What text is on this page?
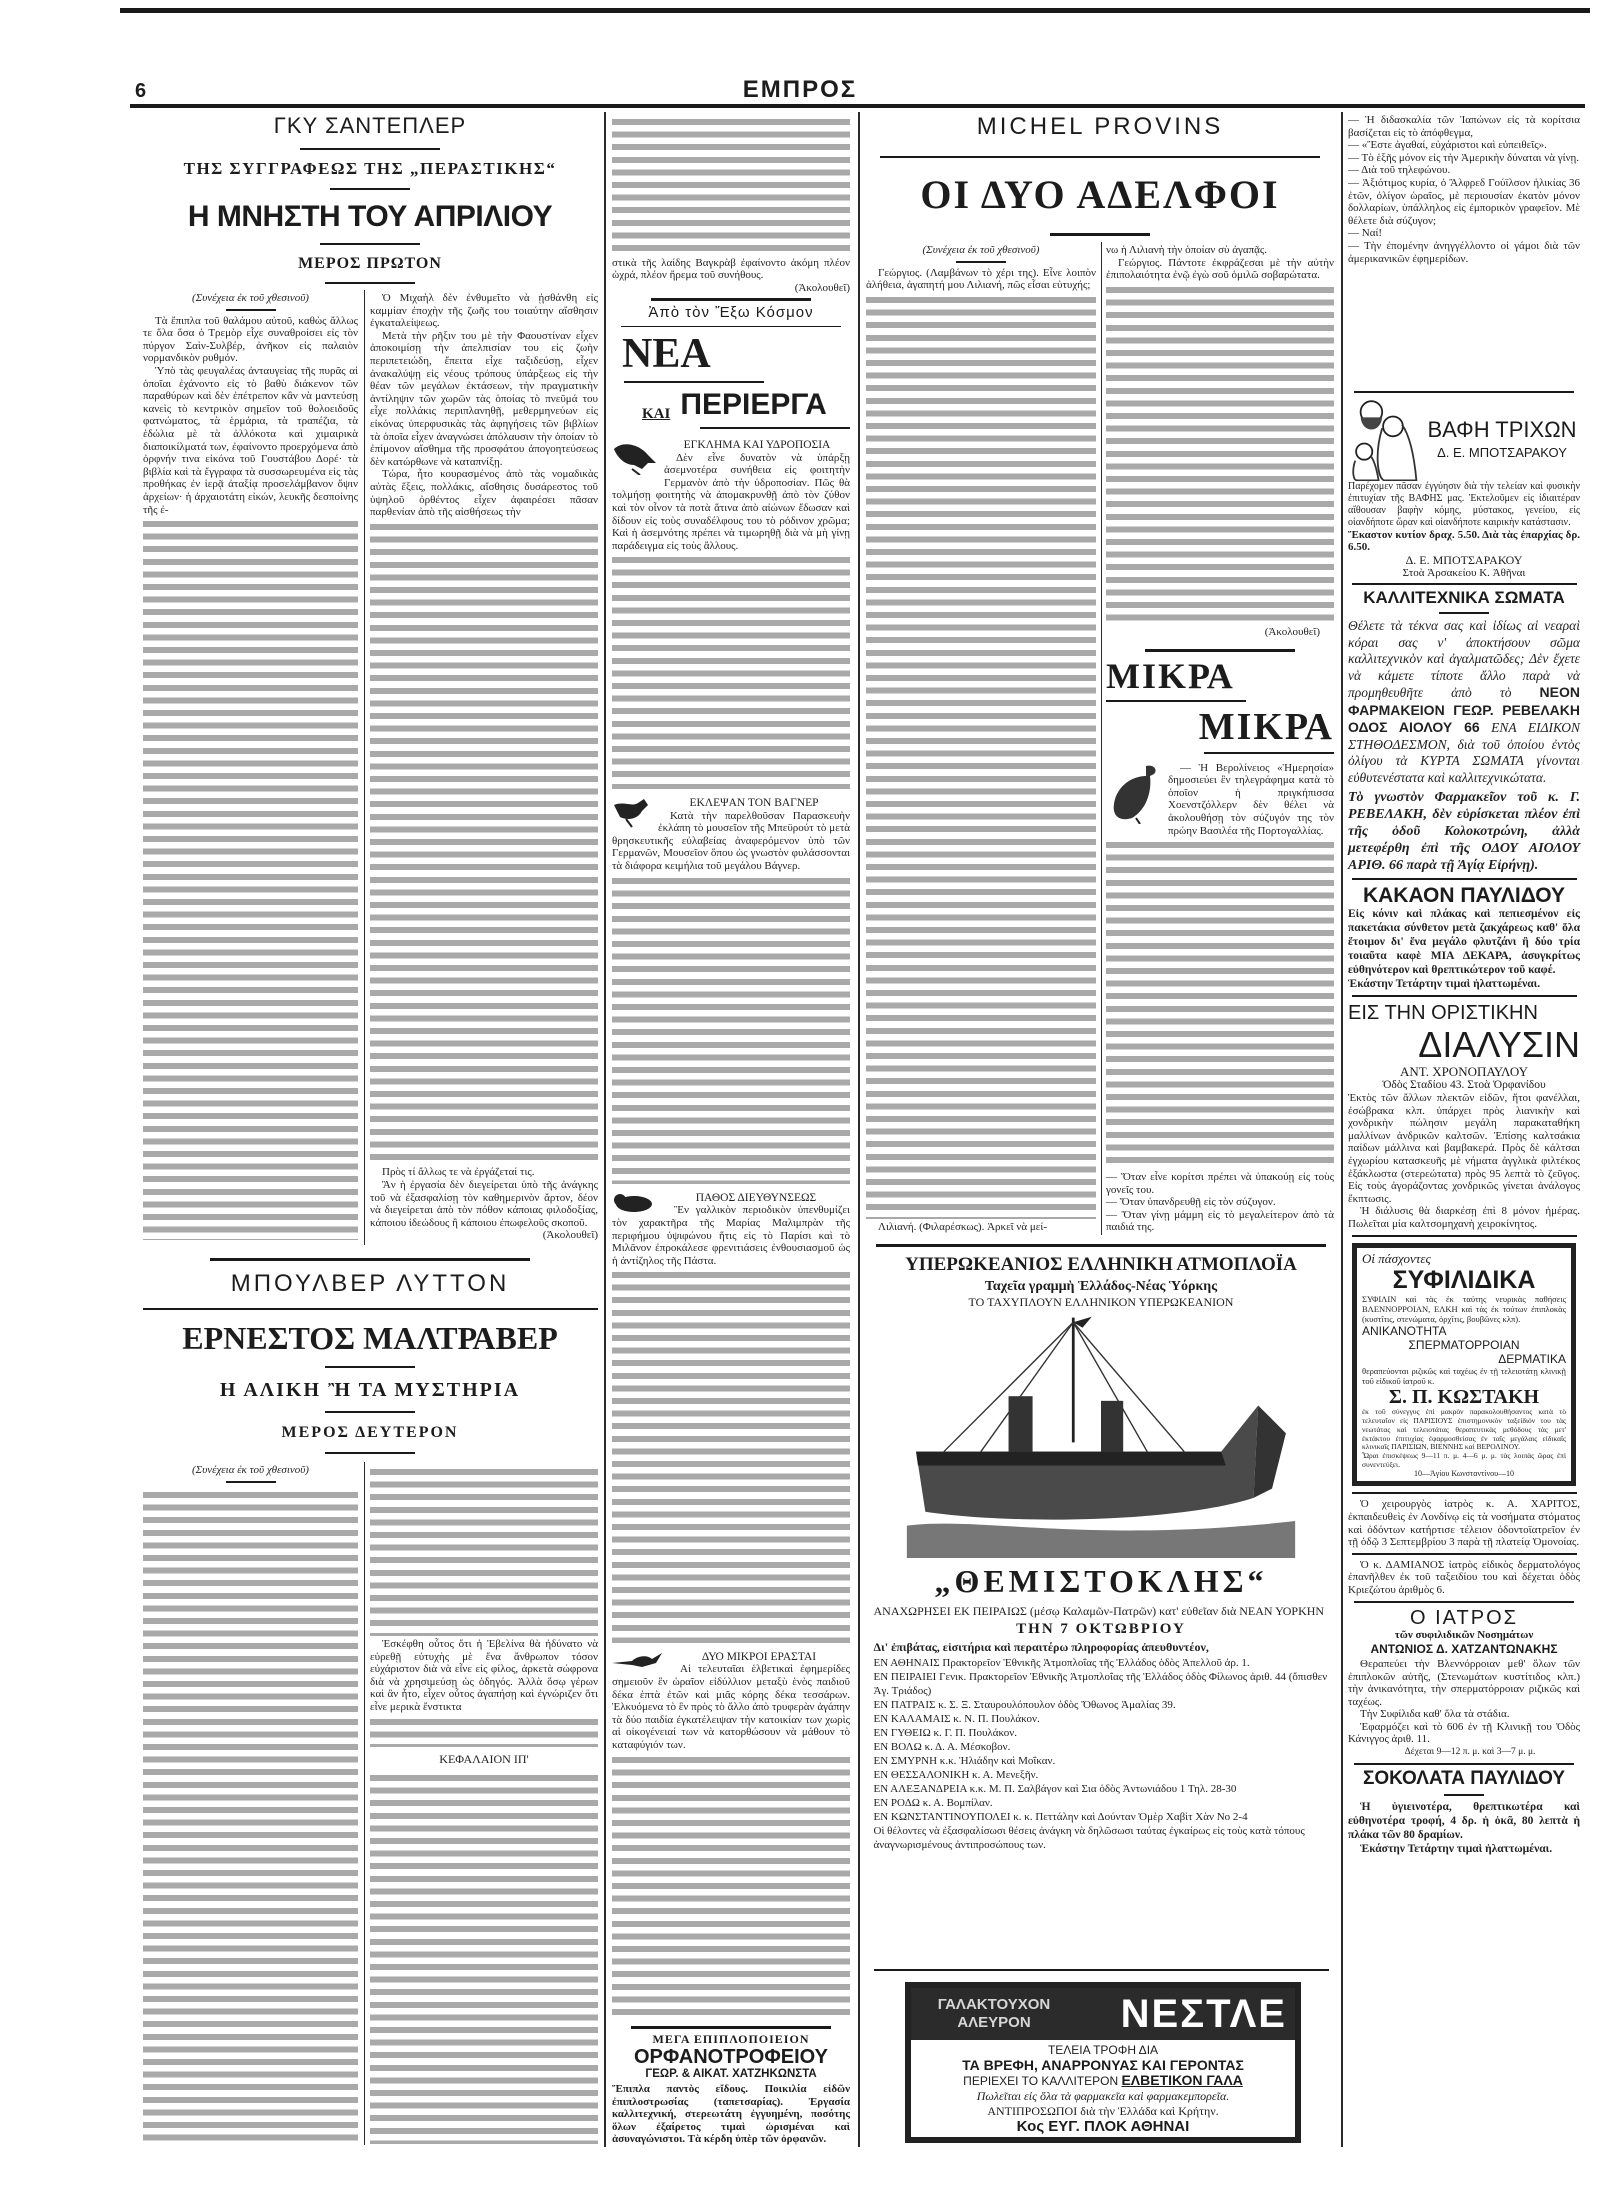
6	ΕΜΠΡΟΣ
ΓΚΥ ΣΑΝΤΕΠΛΕΡ
ΤΗΣ ΣΥΓΓΡΑΦΕΩΣ ΤΗΣ „ΠΕΡΑΣΤΙΚΗΣ“
Η ΜΝΗΣΤΗ ΤΟΥ ΑΠΡΙΛΙΟΥ
ΜΕΡΟΣ ΠΡΩΤΟΝ
(Συνέχεια ἐκ τοῦ χθεσινοῦ)

Τὰ ἔπιπλα τοῦ θαλάμου αὐτοῦ, καθὼς ἄλλως τε ὅλα ὅσα ὁ Τρεμὸρ εἶχε συναθροίσει εἰς τὸν πύργον Σαὶν-Συλβέρ, ἀνῆκον εἰς παλαιὸν νορμανδικὸν ρυθμόν.

Ὑπὸ τὰς φευγαλέας ἀνταυγείας τῆς πυρᾶς αἱ ὁποῖαι ἐχάνοντο εἰς τὸ βαθὺ διάκενον τῶν παραθύρων καὶ δὲν ἐπέτρεπον κἂν νὰ μαντεύσῃ κανεὶς τὸ κεντρικὸν σημεῖον τοῦ θολοειδοῦς φατνώματος, τὰ ἑρμάρια, τὰ τραπέζια, τὰ ἑδώλια μὲ τὰ ἀλλόκοτα καὶ χιμαιρικὰ διαποικίλματά των, ἐφαίνοντο προερχόμενα ἀπὸ ὀρφνήν τινα εἰκόνα τοῦ Γουστάβου Δορέ· τὰ βιβλία καὶ τὰ ἔγγραφα τὰ συσσωρευμένα εἰς τὰς προθήκας ἐν ἱερᾷ ἀταξίᾳ προσελάμβανον ὄψιν ἀρχείων· ἡ ἀρχαιοτάτη εἰκών, λευκῆς δεσποίνης τῆς ἐ-

Ὁ Μιχαὴλ δὲν ἐνθυμεῖτο νὰ ᾐσθάνθη εἰς καμμίαν ἐποχὴν τῆς ζωῆς του τοιαύτην αἴσθησιν ἐγκαταλείψεως.

Μετὰ τὴν ρῆξιν του μὲ τὴν Φαουστίναν εἶχεν ἀποκοιμίσῃ τὴν ἀπελπισίαν του εἰς ζωὴν περιπετειώδη, ἔπειτα εἶχε ταξιδεύσῃ, εἶχεν ἀνακαλύψῃ εἰς νέους τρόπους ὑπάρξεως εἰς τὴν θέαν τῶν μεγάλων ἐκτάσεων, τὴν πραγματικὴν ἀντίληψιν τῶν χωρῶν τὰς ὁποίας τὸ πνεῦμά του εἶχε πολλάκις περιπλανηθῇ, μεθερμηνεύων εἰς εἰκόνας ὑπερφυσικὰς τὰς ἀφηγήσεις τῶν βιβλίων τὰ ὁποῖα εἶχεν ἀναγνώσει ἀπόλαυσιν τὴν ὁποίαν τὸ ἐπίμονον αἴσθημα τῆς προσφάτου ἀπογοητεύσεως δὲν κατώρθωνε νὰ καταπνίξῃ.

Τώρα, ἦτο κουρασμένος ἀπὸ τὰς νομαδικὰς αὐτὰς ἕξεις, πολλάκις, αἴσθησις δυσάρεστος τοῦ ὑψηλοῦ ὀρθέντος εἶχεν ἀφαιρέσει πᾶσαν παρθενίαν ἀπὸ τῆς αἰσθήσεως τὴν

Πρὸς τί ἄλλως τε νὰ ἐργάζεταί τις.

Ἂν ἡ ἐργασία δὲν διεγείρεται ὑπὸ τῆς ἀνάγκης τοῦ νὰ ἐξασφαλίσῃ τὸν καθημερινὸν ἄρτον, δέον νὰ διεγείρεται ἀπὸ τὸν πόθον κάποιας φιλοδοξίας, κάποιου ἰδεώδους ἢ κάποιου ἐπωφελοῦς σκοποῦ.

(Ἀκολουθεῖ)
ΜΠΟΥΛΒΕΡ ΛΥΤΤΟΝ
ΕΡΝΕΣΤΟΣ ΜΑΛΤΡΑΒΕΡ
Η ΑΛΙΚΗ Ἢ ΤΑ ΜΥΣΤΗΡΙΑ
ΜΕΡΟΣ ΔΕΥΤΕΡΟΝ
(Συνέχεια ἐκ τοῦ χθεσινοῦ)

Ἐσκέφθη οὗτος ὅτι ἡ Ἐβελίνα θὰ ἠδύνατο νὰ εὑρεθῇ εὐτυχὴς μὲ ἕνα ἄνθρωπον τόσον εὐχάριστον διὰ νὰ εἶνε εἰς φίλος, ἀρκετὰ σώφρονα διὰ νὰ χρησιμεύσῃ ὡς ὁδηγός. Ἀλλὰ ὅσῳ γέρων καὶ ἂν ἦτο, εἶχεν οὗτος ἀγαπήσῃ καὶ ἐγνώριζεν ὅτι εἶνε μερικὰ ἔνστικτα

ΚΕΦΑΛΑΙΟΝ ΙΠ'
στικὰ τῆς λαίδης Βαγκρὰβ ἐφαίνοντο ἀκόμη πλέον ὠχρά, πλέον ἤρεμα τοῦ συνήθους.
(Ἀκολουθεῖ)
Ἀπὸ τὸν Ἔξω Κόσμον
ΝΕΑ
ΚΑΙ ΠΕΡΙΕΡΓΑ
ΕΓΚΛΗΜΑ ΚΑΙ ΥΔΡΟΠΟΣΙΑ

Δὲν εἶνε δυνατὸν νὰ ὑπάρξῃ ἀσεμνοτέρα συνήθεια εἰς φοιτητὴν Γερμανὸν ἀπὸ τὴν ὑδροποσίαν. Πῶς θὰ τολμήσῃ φοιτητὴς νὰ ἀπομακρυνθῇ ἀπὸ τὸν ζύθον καὶ τὸν οἶνον τὰ ποτὰ ἅτινα ἀπὸ αἰώνων ἔδωσαν καὶ δίδουν εἰς τοὺς συναδέλφους του τὸ ρόδινον χρῶμα; Καὶ ἡ ἀσεμνότης πρέπει νὰ τιμωρηθῇ διὰ νὰ μὴ γίνῃ παράδειγμα εἰς τοὺς ἄλλους.

ΕΚΛΕΨΑΝ ΤΟΝ ΒΑΓΝΕΡ

Κατὰ τὴν παρελθοῦσαν Παρασκευὴν ἐκλάπη τὸ μουσεῖον τῆς Μπεϋρούτ τὸ μετὰ θρησκευτικῆς εὐλαβείας ἀναφερόμενον ὑπὸ τῶν Γερμανῶν, Μουσεῖον ὅπου ὡς γνωστὸν φυλάσσονται τὰ διάφορα κειμήλια τοῦ μεγάλου Βάγνερ.

ΠΑΘΟΣ ΔΙΕΥΘΥΝΣΕΩΣ

Ἓν γαλλικὸν περιοδικὸν ὑπενθυμίζει τὸν χαρακτῆρα τῆς Μαρίας Μαλιμπρὰν τῆς περιφήμου ὑψιφώνου ἥτις εἰς τὸ Παρίσι καὶ τὸ Μιλᾶνον ἐπροκάλεσε φρενιτιάσεις ἐνθουσιασμοῦ ὡς ἡ ἀντίζηλος τῆς Πάστα.

ΔΥΟ ΜΙΚΡΟΙ ΕΡΑΣΤΑΙ

Αἱ τελευταῖαι ἑλβετικαὶ ἐφημερίδες σημειοῦν ἓν ὡραῖον εἰδύλλιον μεταξὺ ἑνὸς παιδιοῦ δέκα ἑπτὰ ἐτῶν καὶ μιᾶς κόρης δέκα τεσσάρων. Ἑλκυόμενα τὸ ἓν πρὸς τὸ ἄλλο ἀπὸ τρυφερὰν ἀγάπην τὰ δύο παιδία ἐγκατέλειψαν τὴν κατοικίαν των χωρὶς αἱ οἰκογένειαί των νὰ κατορθώσουν νὰ μάθουν τὸ καταφύγιόν των.

ΜΕΓΑ ΕΠΙΠΛΟΠΟΙΕΙΟΝ
ΟΡΦΑΝΟΤΡΟΦΕΙΟΥ
ΓΕΩΡ. & ΑΙΚΑΤ. ΧΑΤΖΗΚΩΝΣΤΑ
Ἔπιπλα παντὸς εἴδους. Ποικιλία εἰδῶν ἐπιπλοστρωσίας (ταπετσαρίας). Ἐργασία καλλιτεχνική, στερεωτάτη ἐγγυημένη, ποσότης ὅλων ἐξαίρετος τιμαὶ ὡρισμέναι καὶ ἀσυναγώνιστοι. Τὰ κέρδη ὑπὲρ τῶν ὀρφανῶν.
MICHEL PROVINS
ΟΙ ΔΥΟ ΑΔΕΛΦΟΙ
(Συνέχεια ἐκ τοῦ χθεσινοῦ)

Γεώργιος. (Λαμβάνων τὸ χέρι της). Εἶνε λοιπὸν ἀλήθεια, ἀγαπητή μου Λιλιανή, πῶς εἶσαι εὐτυχής;

Λιλιανή. (Φιλαρέσκως). Ἀρκεῖ νὰ μεί-

νω ἡ Λιλιανὴ τὴν ὁποίαν σὺ ἀγαπᾷς.

Γεώργιος. Πάντοτε ἐκφράζεσαι μὲ τὴν αὐτὴν ἐπιπολαιότητα ἐνῷ ἐγὼ σοῦ ὁμιλῶ σοβαρώτατα.

(Ἀκολουθεῖ)
ΜΙΚΡΑ
ΜΙΚΡΑ

— Ἡ Βερολίνειος «Ἡμερησία» δημοσιεύει ἓν τηλεγράφημα κατὰ τὸ ὁποῖον ἡ πριγκήπισσα Χοενστζόλλερν δὲν θέλει νὰ ἀκολουθήσῃ τὸν σύζυγόν της τὸν πρώην Βασιλέα τῆς Πορτογαλλίας.

— Ὅταν εἶνε κορίτσι πρέπει νὰ ὑπακούῃ εἰς τοὺς γονεῖς του.
— Ὅταν ὑπανδρευθῇ εἰς τὸν σύζυγον.
— Ὅταν γίνῃ μάμμη εἰς τὸ μεγαλείτερον ἀπὸ τὰ παιδιά της.
ΥΠΕΡΩΚΕΑΝΙΟΣ ΕΛΛΗΝΙΚΗ ΑΤΜΟΠΛΟΪΑ
Ταχεῖα γραμμὴ Ἑλλάδος-Νέας Ὑόρκης
ΤΟ ΤΑΧΥΠΛΟΥΝ ΕΛΛΗΝΙΚΟΝ ΥΠΕΡΩΚΕΑΝΙΟΝ
„ΘΕΜΙΣΤΟΚΛΗΣ“
ΑΝΑΧΩΡΗΣΕΙ ΕΚ ΠΕΙΡΑΙΩΣ (μέσῳ Καλαμῶν-Πατρῶν) κατ' εὐθεῖαν διὰ ΝΕΑΝ ΥΟΡΚΗΝ
ΤΗΝ 7 ΟΚΤΩΒΡΙΟΥ
Δι' ἐπιβάτας, εἰσιτήρια καὶ περαιτέρω πληροφορίας ἀπευθυντέον,
ΕΝ ΑΘΗΝΑΙΣ Πρακτορεῖον Ἐθνικῆς Ἀτμοπλοΐας τῆς Ἑλλάδος ὁδὸς Ἀπελλοῦ ἀρ. 1.
ΕΝ ΠΕΙΡΑΙΕΙ Γενικ. Πρακτορεῖον Ἐθνικῆς Ἀτμοπλοΐας τῆς Ἑλλάδος ὁδὸς Φίλωνος ἀριθ. 44 (ὄπισθεν Ἁγ. Τριάδος)
ΕΝ ΠΑΤΡΑΙΣ κ. Σ. Ξ. Σταυρουλόπουλον ὁδὸς Ὄθωνος Ἀμαλίας 39.
ΕΝ ΚΑΛΑΜΑΙΣ κ. Ν. Π. Πουλάκον.
ΕΝ ΓΥΘΕΙΩ κ. Γ. Π. Πουλάκον.
ΕΝ ΒΟΛΩ κ. Δ. Α. Μέσκοβον.
ΕΝ ΣΜΥΡΝΗ κ.κ. Ἠλιάδην καὶ Μοΐκαν.
ΕΝ ΘΕΣΣΑΛΟΝΙΚΗ κ. Α. Μενεξῆν.
ΕΝ ΑΛΕΞΑΝΔΡΕΙΑ κ.κ. Μ. Π. Σαλβάγον καὶ Σια ὁδὸς Ἀντωνιάδου 1 Τηλ. 28-30
ΕΝ ΡΟΔΩ κ. Α. Βομπίλαν.
ΕΝ ΚΩΝΣΤΑΝΤΙΝΟΥΠΟΛΕΙ κ. κ. Πεττάλην καὶ Δούνταν Ὀμὲρ Χαβὶτ Χὰν Νο 2-4
Οἱ θέλοντες νὰ ἐξασφαλίσωσι θέσεις ἀνάγκη νὰ δηλῶσωσι ταύτας ἐγκαίρως εἰς τοὺς κατὰ τόπους ἀναγνωρισμένους ἀντιπροσώπους των.
ΓΑΛΑΚΤΟΥΧΟΝ ΑΛΕΥΡΟΝ	ΝΕΣΤΛΕ
ΤΕΛΕΙΑ ΤΡΟΦΗ ΔΙΑ
ΤΑ ΒΡΕΦΗ, ΑΝΑΡΡΟΝΥΑΣ ΚΑΙ ΓΕΡΟΝΤΑΣ
ΠΕΡΙΕΧΕΙ ΤΟ ΚΑΛΛΙΤΕΡΟΝ ΕΛΒΕΤΙΚΟΝ ΓΑΛΑ
Πωλεῖται εἰς ὅλα τὰ φαρμακεῖα καὶ φαρμακεμπορεῖα.
ΑΝΤΙΠΡΟΣΩΠΟΙ διὰ τὴν Ἑλλάδα καὶ Κρήτην.
Κος ΕΥΓ. ΠΛΟΚ ΑΘΗΝΑΙ
— Ἡ διδασκαλία τῶν Ἰαπώνων εἰς τὰ κορίτσια βασίζεται εἰς τὸ ἀπόφθεγμα,
— «Ἔστε ἀγαθαί, εὐχάριστοι καὶ εὐπειθεῖς».
— Τὸ ἑξῆς μόνον εἰς τὴν Ἀμερικὴν δύναται νὰ γίνῃ.
— Διὰ τοῦ τηλεφώνου.
— Ἀξιότιμος κυρία, ὁ Ἄλφρεδ Γούϊλσον ἡλικίας 36 ἐτῶν, ὀλίγον ὡραῖος, μὲ περιουσίαν ἑκατὸν μόνον δολλαρίων, ὑπάλληλος εἰς ἐμπορικὸν γραφεῖον. Μὲ θέλετε διὰ σύζυγον;
— Ναί!
— Τὴν ἐπομένην ἀνηγγέλλοντο οἱ γάμοι διὰ τῶν ἀμερικανικῶν ἐφημερίδων.
ΒΑΦΗ ΤΡΙΧΩΝ
Δ. Ε. ΜΠΟΤΣΑΡΑΚΟΥ
Παρέχομεν πᾶσαν ἐγγύησιν διὰ τὴν τελείαν καὶ φυσικὴν ἐπιτυχίαν τῆς ΒΑΦΗΣ μας. Ἐκτελοῦμεν εἰς ἰδιαιτέραν αἴθουσαν βαφὴν κόμης, μύστακος, γενείου, εἰς οἱανδήποτε ὥραν καὶ οἱανδήποτε καιρικὴν κατάστασιν.
Ἕκαστον κυτίον δραχ. 5.50. Διὰ τὰς ἐπαρχίας δρ. 6.50.
Δ. Ε. ΜΠΟΤΣΑΡΑΚΟΥ
Στοὰ Ἀρσακείου Κ. Ἀθῆναι
ΚΑΛΛΙΤΕΧΝΙΚΑ ΣΩΜΑΤΑ
Θέλετε τὰ τέκνα σας καὶ ἰδίως αἱ νεαραὶ κόραι σας ν' ἀποκτήσουν σῶμα καλλιτεχνικὸν καὶ ἀγαλματῶδες; Δὲν ἔχετε νὰ κάμετε τίποτε ἄλλο παρὰ νὰ προμηθευθῆτε ἀπὸ τὸ ΝΕΟΝ ΦΑΡΜΑΚΕΙΟΝ ΓΕΩΡ. ΡΕΒΕΛΑΚΗ ΟΔΟΣ ΑΙΟΛΟΥ 66 ΕΝΑ ΕΙΔΙΚΟΝ ΣΤΗΘΟΔΕΣΜΟΝ, διὰ τοῦ ὁποίου ἐντὸς ὀλίγου τὰ ΚΥΡΤΑ ΣΩΜΑΤΑ γίνονται εὐθυτενέστατα καὶ καλλιτεχνικώτατα.
Τὸ γνωστὸν Φαρμακεῖον τοῦ κ. Γ. ΡΕΒΕΛΑΚΗ, δὲν εὑρίσκεται πλέον ἐπὶ τῆς ὁδοῦ Κολοκοτρώνη, ἀλλὰ μετεφέρθη ἐπὶ τῆς ΟΔΟΥ ΑΙΟΛΟΥ ΑΡΙΘ. 66 παρὰ τῇ Ἁγίᾳ Εἰρήνῃ).
ΚΑΚΑΟΝ ΠΑΥΛΙΔΟΥ
Εἰς κόνιν καὶ πλάκας καὶ πεπιεσμένον εἰς πακετάκια σύνθετον μετὰ ζακχάρεως καθ' ὅλα ἕτοιμον δι' ἕνα μεγάλο φλυτζάνι ἢ δύο τρία τοιαῦτα καφὲ ΜΙΑ ΔΕΚΑΡΑ, ἀσυγκρίτως εὐθηνότερον καὶ θρεπτικώτερον τοῦ καφέ.
Ἑκάστην Τετάρτην τιμαὶ ἠλαττωμέναι.
ΕΙΣ ΤΗΝ ΟΡΙΣΤΙΚΗΝ
ΔΙΑΛΥΣΙΝ
ΑΝΤ. ΧΡΟΝΟΠΑΥΛΟΥ
Ὁδὸς Σταδίου 43. Στοὰ Ὀρφανίδου
Ἐκτὸς τῶν ἄλλων πλεκτῶν εἰδῶν, ἤτοι φανέλλαι, ἐσώβρακα κλπ. ὑπάρχει πρὸς λιανικὴν καὶ χονδρικὴν πώλησιν μεγάλη παρακαταθήκη μαλλίνων ἀνδρικῶν καλτσῶν. Ἐπίσης καλτσάκια παίδων μάλλινα καὶ βαμβακερά. Πρὸς δὲ κάλτσαι ἐγχωρίου κατασκευῆς μὲ νήματα ἀγγλικὰ φιλτέκος ἐξάκλωστα (στερεώτατα) πρὸς 95 λεπτὰ τὸ ζεῦγος. Εἰς τοὺς ἀγοράζοντας χονδρικῶς γίνεται ἀνάλογος ἔκπτωσις.
Ἡ διάλυσις θὰ διαρκέσῃ ἐπὶ 8 μόνον ἡμέρας. Πωλεῖται μία καλτσομηχανὴ χειροκίνητος.
Οἱ πάσχοντες
ΣΥΦΙΛΙΔΙΚΑ
ΣΥΦΙΛΙΝ καὶ τὰς ἐκ ταύτης νευρικὰς παθήσεις ΒΛΕΝΝΟΡΡΟΙΑΝ, ΕΛΚΗ καὶ τὰς ἐκ τούτων ἐπιπλοκὰς (κυστῖτις, στενώματα, ὀρχῖτις, βουβῶνες κλπ).
ΑΝΙΚΑΝΟΤΗΤΑ
ΣΠΕΡΜΑΤΟΡΡΟΙΑΝ
ΔΕΡΜΑΤΙΚΑ
θεραπεύονται ριζικῶς καὶ ταχέως ἐν τῇ τελειοτάτῃ κλινικῇ τοῦ εἰδικοῦ ἰατροῦ κ.
Σ. Π. ΚΩΣΤΑΚΗ
ἐκ τοῦ σύνεγγυς ἐπὶ μακρὸν παρακολουθήσαντος κατὰ τὸ τελευταῖον εἰς ΠΑΡΙΣΙΟΥΣ ἐπιστημονικὸν ταξείδιόν του τὰς νεωτάτας καὶ τελειοτάτας θεραπευτικὰς μεθόδους τὰς μετ' ἐκτάκτου ἐπιτυχίας ἐφαρμοσθείσας ἐν ταῖς μεγάλαις εἰδικαῖς κλινικαῖς ΠΑΡΙΣΙΩΝ, ΒΙΕΝΝΗΣ καὶ ΒΕΡΟΛΙΝΟΥ.
Ὧραι ἐπισκέψεως 9—11 π. μ. 4—6 μ. μ. τὰς λοιπὰς ὥρας ἐπὶ συνεντεύξει.
10—Ἁγίου Κωνσταντίνου—10
Ὁ χειρουργὸς ἰατρὸς κ. Α. ΧΑΡΙΤΟΣ, ἐκπαιδευθεὶς ἐν Λονδίνῳ εἰς τὰ νοσήματα στόματος καὶ ὀδόντων κατήρτισε τέλειον ὀδοντοϊατρεῖον ἐν τῇ ὁδῷ 3 Σεπτεμβρίου 3 παρὰ τῇ πλατείᾳ Ὁμονοίας.
Ὁ κ. ΔΑΜΙΑΝΟΣ ἰατρὸς εἰδικὸς δερματολόγος ἐπανῆλθεν ἐκ τοῦ ταξειδίου του καὶ δέχεται ὁδὸς Κριεζώτου ἀριθμὸς 6.
Ο ΙΑΤΡΟΣ
τῶν συφιλιδικῶν Νοσημάτων
ΑΝΤΩΝΙΟΣ Δ. ΧΑΤΖΑΝΤΩΝΑΚΗΣ

Θεραπεύει τὴν Βλεννόρροιαν μεθ' ὅλων τῶν ἐπιπλοκῶν αὐτῆς, (Στενωμάτων κυστίτιδος κλπ.) τὴν ἀνικανότητα, τὴν σπερματόρροιαν ριζικῶς καὶ ταχέως.

Τὴν Συφίλιδα καθ' ὅλα τὰ στάδια.

Ἐφαρμόζει καὶ τὸ 606 ἐν τῇ Κλινικῇ του Ὁδὸς Κάνιγγος ἀριθ. 11.

Δέχεται 9—12 π. μ. καὶ 3—7 μ. μ.

ΣΟΚΟΛΑΤΑ ΠΑΥΛΙΔΟΥ
Ἡ ὑγιεινοτέρα, θρεπτικωτέρα καὶ εὐθηνοτέρα τροφή, 4 δρ. ἡ ὀκᾶ, 80 λεπτὰ ἡ πλάκα τῶν 80 δραμίων.
Ἑκάστην Τετάρτην τιμαὶ ἠλαττωμέναι.
